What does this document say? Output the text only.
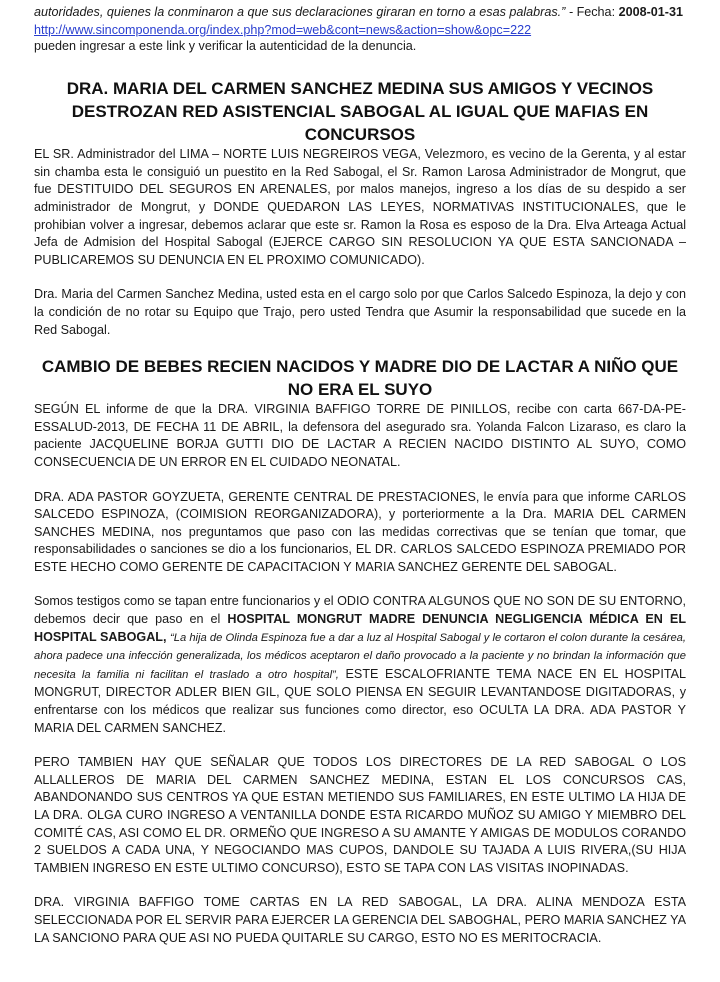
autoridades, quienes la conminaron a que sus declaraciones giraran en torno a esas palabras.” - Fecha: 2008-01-31

http://www.sincomponenda.org/index.php?mod=web&cont=news&action=show&opc=222

pueden ingresar a este link y verificar la autenticidad de la denuncia.

DRA. MARIA DEL CARMEN SANCHEZ MEDINA SUS AMIGOS Y VECINOS DESTROZAN RED ASISTENCIAL SABOGAL AL IGUAL QUE MAFIAS EN CONCURSOS

EL SR. Administrador del LIMA – NORTE LUIS NEGREIROS VEGA, Velezmoro, es vecino de la Gerenta, y al estar sin chamba esta le consiguió un puestito en la Red Sabogal, el Sr. Ramon Larosa Administrador de Mongrut, que fue DESTITUIDO DEL SEGUROS EN ARENALES, por malos manejos, ingreso a los días de su despido a ser administrador de Mongrut, y DONDE QUEDARON LAS LEYES, NORMATIVAS INSTITUCIONALES, que le prohibian volver a ingresar, debemos aclarar que este sr. Ramon la Rosa es esposo de la Dra. Elva Arteaga Actual Jefa de Admision del Hospital Sabogal (EJERCE CARGO SIN RESOLUCION YA QUE ESTA SANCIONADA – PUBLICAREMOS SU DENUNCIA EN EL PROXIMO COMUNICADO).

Dra. Maria del Carmen Sanchez Medina, usted esta en el cargo solo por que Carlos Salcedo Espinoza, la dejo y con la condición de no rotar su Equipo que Trajo, pero usted Tendra que Asumir la responsabilidad que sucede en la Red Sabogal.

CAMBIO DE BEBES RECIEN NACIDOS Y MADRE DIO DE LACTAR A NIÑO QUE NO ERA EL SUYO

SEGÚN EL informe de que la DRA. VIRGINIA BAFFIGO TORRE DE PINILLOS, recibe con carta 667-DA-PE-ESSALUD-2013, DE FECHA 11 DE ABRIL, la defensora del asegurado sra. Yolanda Falcon Lizaraso, es claro la paciente JACQUELINE BORJA GUTTI DIO DE LACTAR A RECIEN NACIDO DISTINTO AL SUYO, COMO CONSECUENCIA DE UN ERROR EN EL CUIDADO NEONATAL.

DRA. ADA PASTOR GOYZUETA, GERENTE CENTRAL DE PRESTACIONES, le envía para que informe CARLOS SALCEDO ESPINOZA, (COIMISION REORGANIZADORA), y porteriormente a la Dra. MARIA DEL CARMEN SANCHES MEDINA, nos preguntamos que paso con las medidas correctivas que se tenían que tomar, que responsabilidades o sanciones se dio a los funcionarios, EL DR. CARLOS SALCEDO ESPINOZA PREMIADO POR ESTE HECHO COMO GERENTE DE CAPACITACION Y MARIA SANCHEZ GERENTE DEL SABOGAL.

Somos testigos como se tapan entre funcionarios y el ODIO CONTRA ALGUNOS QUE NO SON DE SU ENTORNO, debemos decir que paso en el HOSPITAL MONGRUT MADRE DENUNCIA NEGLIGENCIA MÉDICA EN EL HOSPITAL SABOGAL, “La hija de Olinda Espinoza fue a dar a luz al Hospital Sabogal y le cortaron el colon durante la cesárea, ahora padece una infección generalizada, los médicos aceptaron el daño provocado a la paciente y no brindan la información que necesita la familia ni facilitan el traslado a otro hospital”, ESTE ESCALOFRIANTE TEMA NACE EN EL HOSPITAL MONGRUT, DIRECTOR ADLER BIEN GIL, QUE SOLO PIENSA EN SEGUIR LEVANTANDOSE DIGITADORAS, y enfrentarse con los médicos que realizar sus funciones como director, eso OCULTA LA DRA. ADA PASTOR Y MARIA DEL CARMEN SANCHEZ.

PERO TAMBIEN HAY QUE SEÑALAR QUE TODOS LOS DIRECTORES DE LA RED SABOGAL O LOS ALLALLEROS DE MARIA DEL CARMEN SANCHEZ MEDINA, ESTAN EL LOS CONCURSOS CAS, ABANDONANDO SUS CENTROS YA QUE ESTAN METIENDO SUS FAMILIARES, EN ESTE ULTIMO LA HIJA DE LA DRA. OLGA CURO INGRESO A VENTANILLA DONDE ESTA RICARDO MUÑOZ SU AMIGO Y MIEMBRO DEL COMITÉ CAS, ASI COMO EL DR. ORMEÑO QUE INGRESO A SU AMANTE Y AMIGAS DE MODULOS CORANDO 2 SUELDOS A CADA UNA, Y NEGOCIANDO MAS CUPOS, DANDOLE SU TAJADA A LUIS RIVERA,(SU HIJA TAMBIEN INGRESO EN ESTE ULTIMO CONCURSO), ESTO SE TAPA CON LAS VISITAS INOPINADAS.

DRA. VIRGINIA BAFFIGO TOME CARTAS EN LA RED SABOGAL, LA DRA. ALINA MENDOZA ESTA SELECCIONADA POR EL SERVIR PARA EJERCER LA GERENCIA DEL SABOGHAL, PERO MARIA SANCHEZ YA LA SANCIONO PARA QUE ASI NO PUEDA QUITARLE SU CARGO, ESTO NO ES MERITOCRACIA.
